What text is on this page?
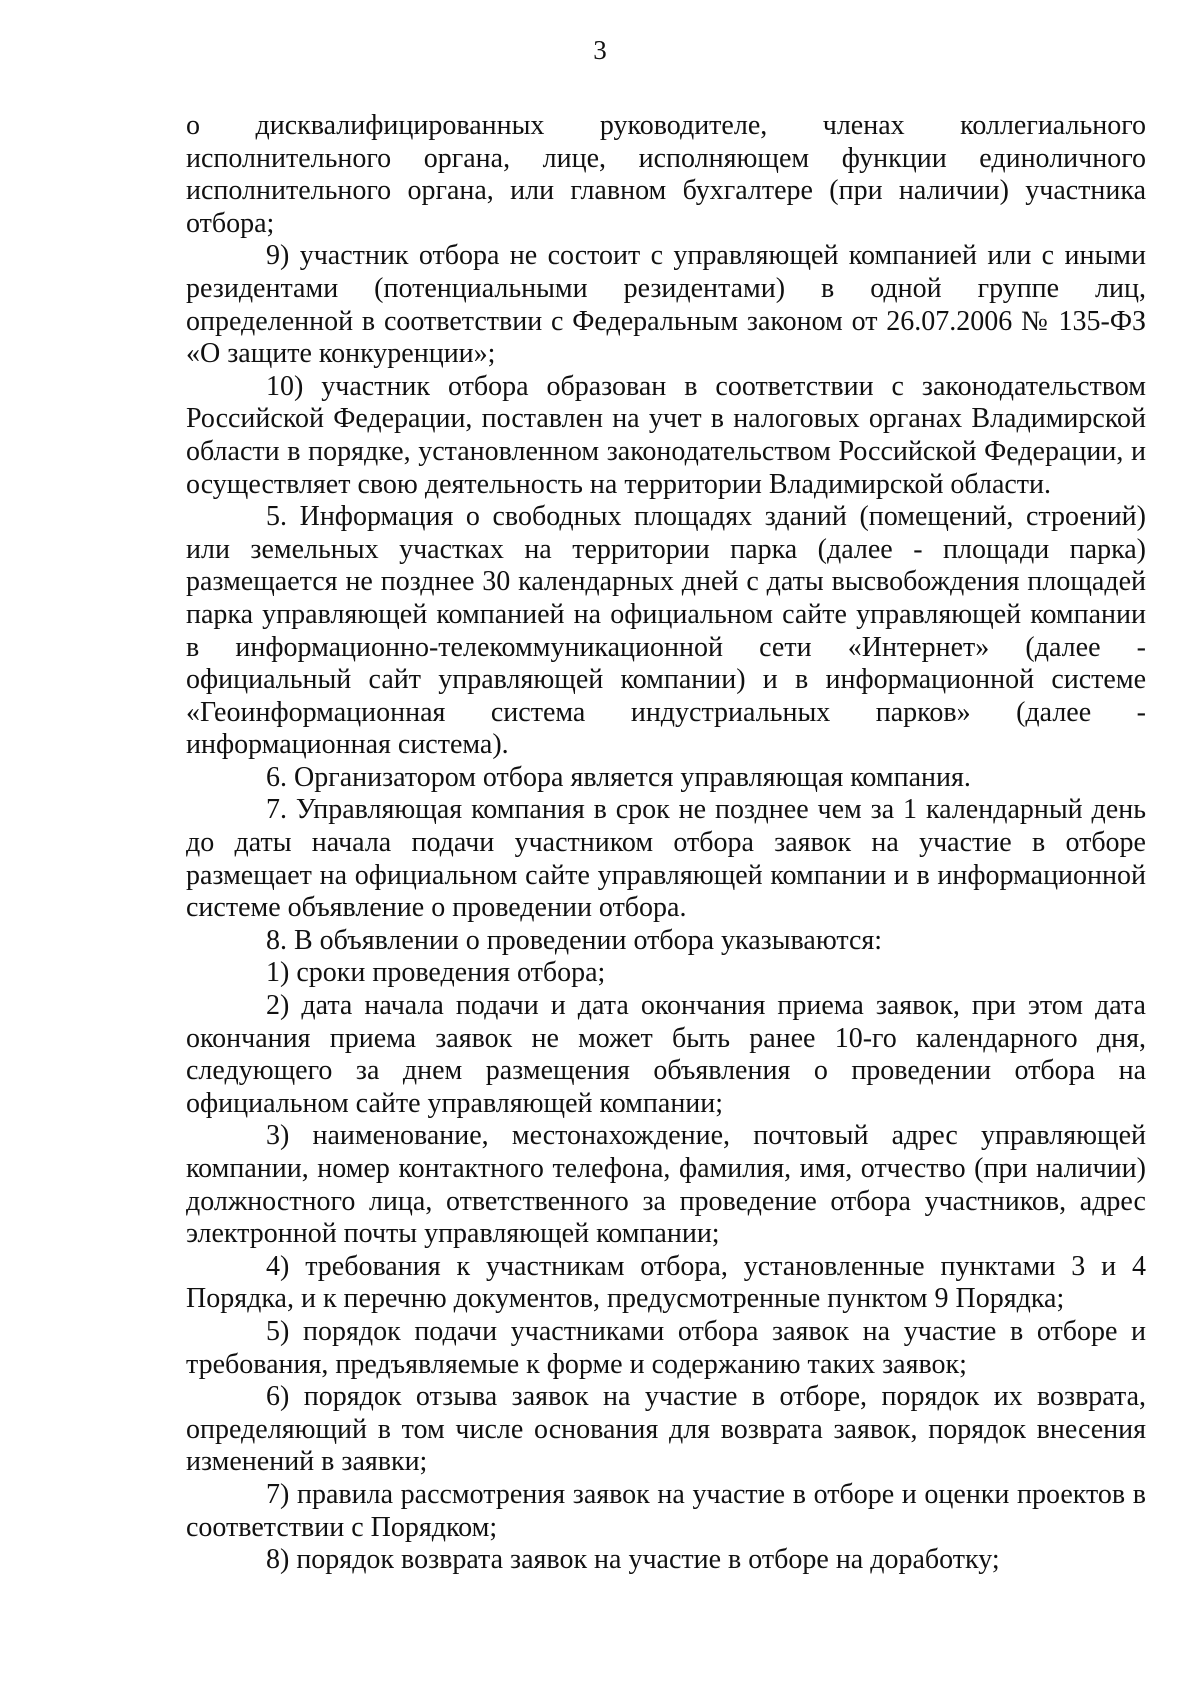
3

о дисквалифицированных руководителе, членах коллегиального исполнительного органа, лице, исполняющем функции единоличного исполнительного органа, или главном бухгалтере (при наличии) участника отбора;

9) участник отбора не состоит с управляющей компанией или с иными резидентами (потенциальными резидентами) в одной группе лиц, определенной в соответствии с Федеральным законом от 26.07.2006 № 135-ФЗ «О защите конкуренции»;

10) участник отбора образован в соответствии с законодательством Российской Федерации, поставлен на учет в налоговых органах Владимирской области в порядке, установленном законодательством Российской Федерации, и осуществляет свою деятельность на территории Владимирской области.

5. Информация о свободных площадях зданий (помещений, строений) или земельных участках на территории парка (далее - площади парка) размещается не позднее 30 календарных дней с даты высвобождения площадей парка управляющей компанией на официальном сайте управляющей компании в информационно-телекоммуникационной сети «Интернет» (далее - официальный сайт управляющей компании) и в информационной системе «Геоинформационная система индустриальных парков» (далее - информационная система).

6. Организатором отбора является управляющая компания.

7. Управляющая компания в срок не позднее чем за 1 календарный день до даты начала подачи участником отбора заявок на участие в отборе размещает на официальном сайте управляющей компании и в информационной системе объявление о проведении отбора.

8. В объявлении о проведении отбора указываются:

1) сроки проведения отбора;

2) дата начала подачи и дата окончания приема заявок, при этом дата окончания приема заявок не может быть ранее 10-го календарного дня, следующего за днем размещения объявления о проведении отбора на официальном сайте управляющей компании;

3) наименование, местонахождение, почтовый адрес управляющей компании, номер контактного телефона, фамилия, имя, отчество (при наличии) должностного лица, ответственного за проведение отбора участников, адрес электронной почты управляющей компании;

4) требования к участникам отбора, установленные пунктами 3 и 4 Порядка, и к перечню документов, предусмотренные пунктом 9 Порядка;

5) порядок подачи участниками отбора заявок на участие в отборе и требования, предъявляемые к форме и содержанию таких заявок;

6) порядок отзыва заявок на участие в отборе, порядок их возврата, определяющий в том числе основания для возврата заявок, порядок внесения изменений в заявки;

7) правила рассмотрения заявок на участие в отборе и оценки проектов в соответствии с Порядком;

8) порядок возврата заявок на участие в отборе на доработку;
